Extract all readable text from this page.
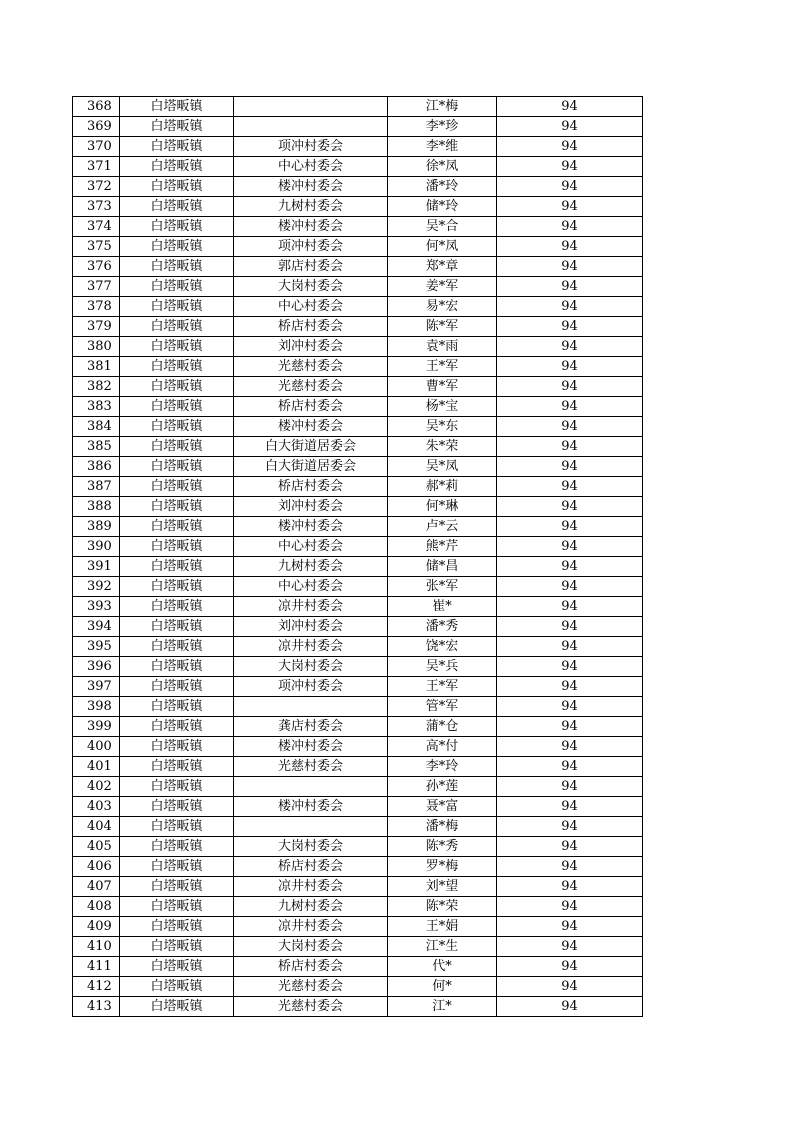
368	白塔畈镇		江*梅	94
369	白塔畈镇		李*珍	94
370	白塔畈镇	项冲村委会	李*维	94
371	白塔畈镇	中心村委会	徐*凤	94
372	白塔畈镇	楼冲村委会	潘*玲	94
373	白塔畈镇	九树村委会	储*玲	94
374	白塔畈镇	楼冲村委会	吴*合	94
375	白塔畈镇	项冲村委会	何*凤	94
376	白塔畈镇	郭店村委会	郑*章	94
377	白塔畈镇	大岗村委会	姜*军	94
378	白塔畈镇	中心村委会	易*宏	94
379	白塔畈镇	桥店村委会	陈*军	94
380	白塔畈镇	刘冲村委会	袁*雨	94
381	白塔畈镇	光慈村委会	王*军	94
382	白塔畈镇	光慈村委会	曹*军	94
383	白塔畈镇	桥店村委会	杨*宝	94
384	白塔畈镇	楼冲村委会	吴*东	94
385	白塔畈镇	白大街道居委会	朱*荣	94
386	白塔畈镇	白大街道居委会	吴*凤	94
387	白塔畈镇	桥店村委会	郝*莉	94
388	白塔畈镇	刘冲村委会	何*琳	94
389	白塔畈镇	楼冲村委会	卢*云	94
390	白塔畈镇	中心村委会	熊*芹	94
391	白塔畈镇	九树村委会	储*昌	94
392	白塔畈镇	中心村委会	张*军	94
393	白塔畈镇	凉井村委会	崔*	94
394	白塔畈镇	刘冲村委会	潘*秀	94
395	白塔畈镇	凉井村委会	饶*宏	94
396	白塔畈镇	大岗村委会	吴*兵	94
397	白塔畈镇	项冲村委会	王*军	94
398	白塔畈镇		管*军	94
399	白塔畈镇	龚店村委会	蒲*仓	94
400	白塔畈镇	楼冲村委会	高*付	94
401	白塔畈镇	光慈村委会	李*玲	94
402	白塔畈镇		孙*莲	94
403	白塔畈镇	楼冲村委会	聂*富	94
404	白塔畈镇		潘*梅	94
405	白塔畈镇	大岗村委会	陈*秀	94
406	白塔畈镇	桥店村委会	罗*梅	94
407	白塔畈镇	凉井村委会	刘*望	94
408	白塔畈镇	九树村委会	陈*荣	94
409	白塔畈镇	凉井村委会	王*娟	94
410	白塔畈镇	大岗村委会	江*生	94
411	白塔畈镇	桥店村委会	代*	94
412	白塔畈镇	光慈村委会	何*	94
413	白塔畈镇	光慈村委会	江*	94
